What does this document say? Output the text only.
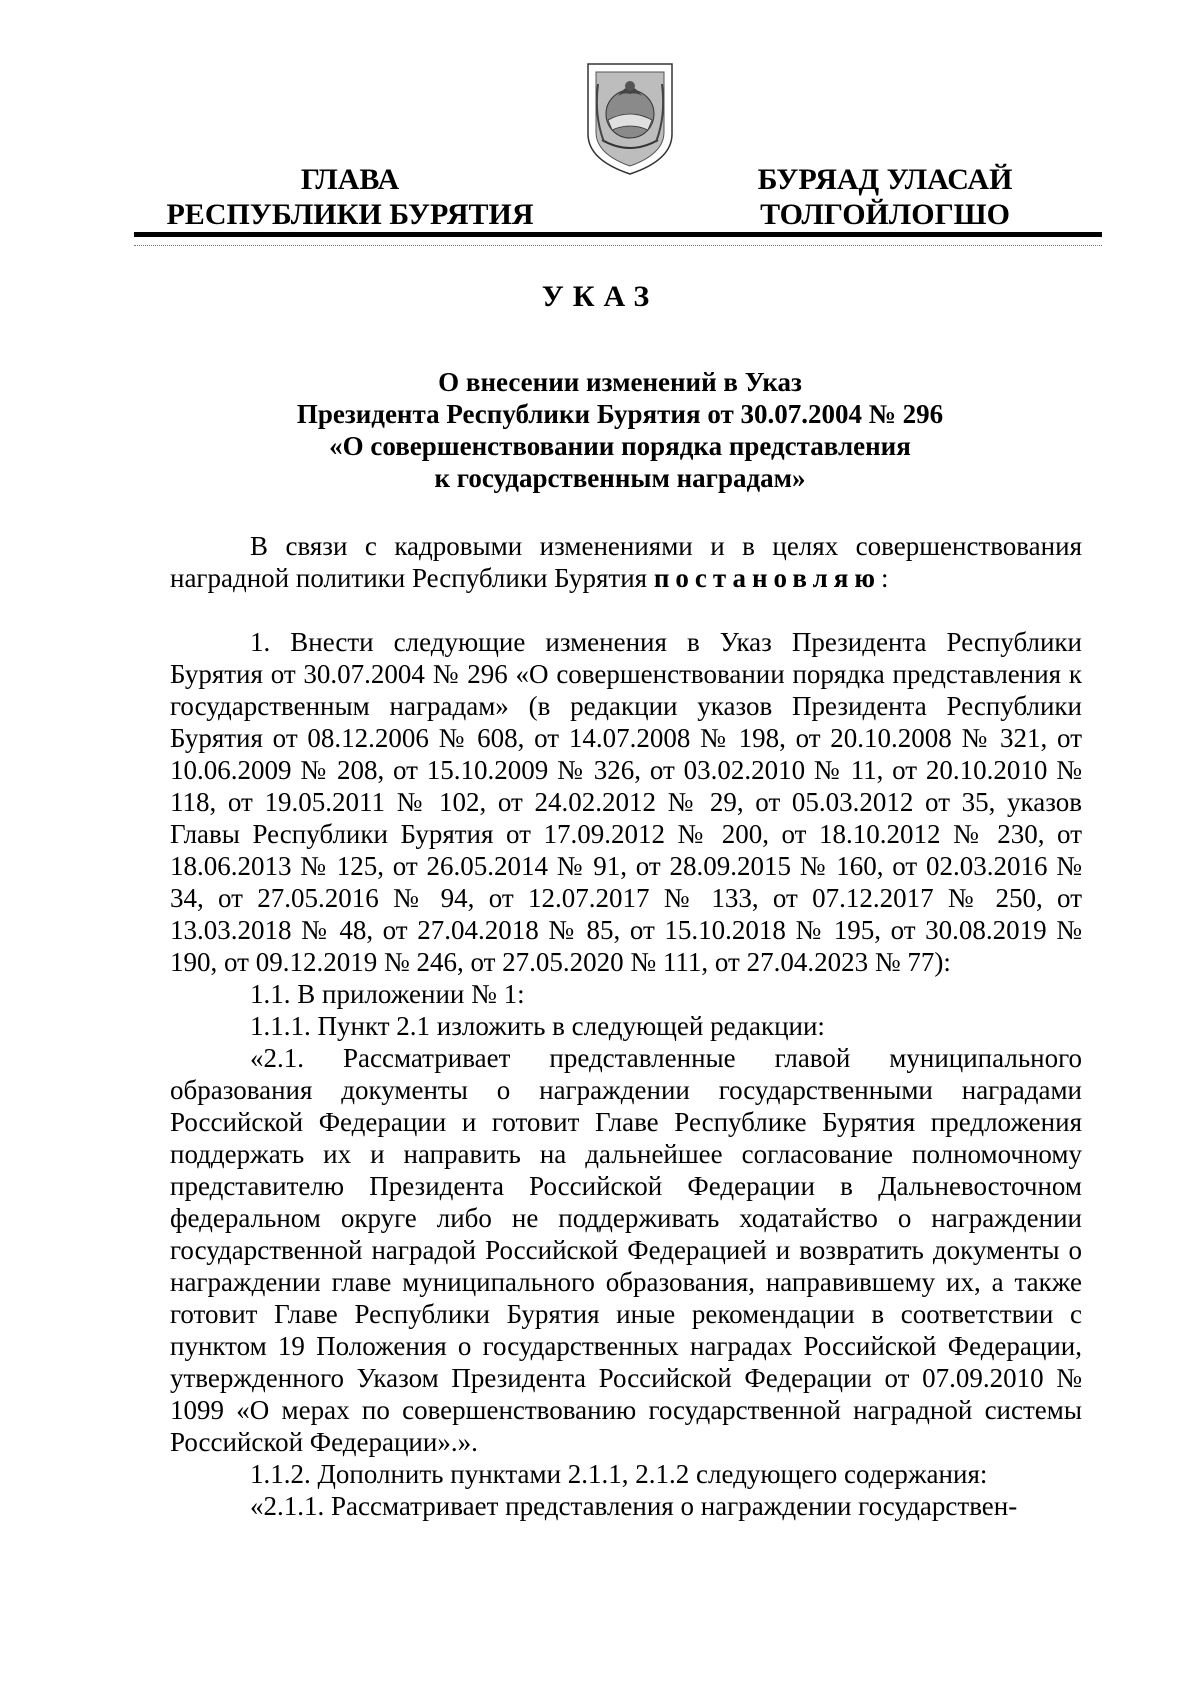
ГЛАВА
РЕСПУБЛИКИ БУРЯТИЯ
БУРЯАД УЛАСАЙ
ТОЛГОЙЛОГШО
УКАЗ
О внесении изменений в Указ
Президента Республики Бурятия от 30.07.2004 № 296
«О совершенствовании порядка представления
к государственным наградам»

В связи с кадровыми изменениями и в целях совершенствования наградной политики Республики Бурятия постановляю:

1. Внести следующие изменения в Указ Президента Республики Бурятия от 30.07.2004 № 296 «О совершенствовании порядка представления к государственным наградам» (в редакции указов Президента Республики Бурятия от 08.12.2006 № 608, от 14.07.2008 № 198, от 20.10.2008 № 321, от 10.06.2009 № 208, от 15.10.2009 № 326, от 03.02.2010 № 11, от 20.10.2010 № 118, от 19.05.2011 № 102, от 24.02.2012 № 29, от 05.03.2012 от 35, указов Главы Республики Бурятия от 17.09.2012 № 200, от 18.10.2012 № 230, от 18.06.2013 № 125, от 26.05.2014 № 91, от 28.09.2015 № 160, от 02.03.2016 № 34, от 27.05.2016 № 94, от 12.07.2017 № 133, от 07.12.2017 № 250, от 13.03.2018 № 48, от 27.04.2018 № 85, от 15.10.2018 № 195, от 30.08.2019 № 190, от 09.12.2019 № 246, от 27.05.2020 № 111, от 27.04.2023 № 77):

1.1. В приложении № 1:

1.1.1. Пункт 2.1 изложить в следующей редакции:

«2.1. Рассматривает представленные главой муниципального образования документы о награждении государственными наградами Российской Федерации и готовит Главе Республике Бурятия предложения поддержать их и направить на дальнейшее согласование полномочному представителю Президента Российской Федерации в Дальневосточном федеральном округе либо не поддерживать ходатайство о награждении государственной наградой Российской Федерацией и возвратить документы о награждении главе муниципального образования, направившему их, а также готовит Главе Республики Бурятия иные рекомендации в соответствии с пунктом 19 Положения о государственных наградах Российской Федерации, утвержденного Указом Президента Российской Федерации от 07.09.2010 № 1099 «О мерах по совершенствованию государственной наградной системы Российской Федерации».».

1.1.2. Дополнить пунктами 2.1.1, 2.1.2 следующего содержания:

«2.1.1. Рассматривает представления о награждении государствен-
